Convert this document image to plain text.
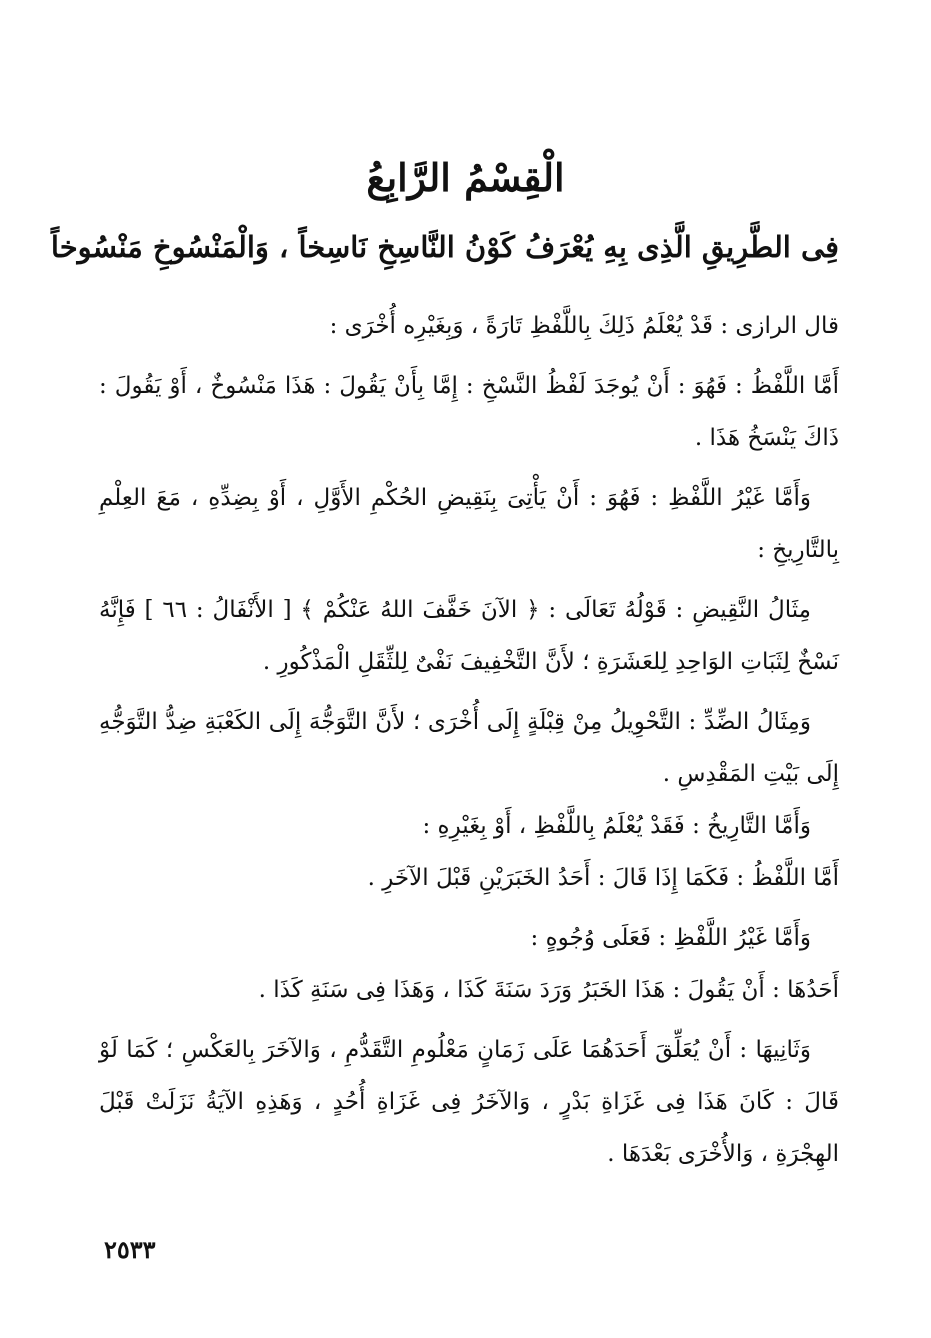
الْقِسْمُ الرَّابِعُ
فِى الطَّرِيقِ الَّذِى بِهِ يُعْرَفُ كَوْنُ النَّاسِخِ نَاسِخاً ، وَالْمَنْسُوخِ مَنْسُوخاً

قال الرازى : قَدْ يُعْلَمُ ذَلِكَ بِاللَّفْظِ تَارَةً ، وَبِغَيْرِه أُخْرَى :

أَمَّا اللَّفْظُ : فَهُوَ : أَنْ يُوجَدَ لَفْظُ النَّسْخِ : إِمَّا بِأَنْ يَقُولَ : هَذَا مَنْسُوخٌ ، أَوْ يَقُولَ : ذَاكَ يَنْسَخُ هَذَا .

وَأَمَّا غَيْرُ اللَّفْظِ : فَهُوَ : أَنْ يَأْتِىَ بِنَقِيضِ الحُكْمِ الأَوَّلِ ، أَوْ بِضِدِّهِ ، مَعَ العِلْمِ بِالتَّارِيخِ :

مِثَالُ النَّقِيضِ : قَوْلُهُ تَعَالَى : ﴿ الآنَ خَفَّفَ اللهُ عَنْكُمْ ﴾ [ الأَنْفَالُ : ٦٦ ] فَإِنَّهُ نَسْخٌ لِثَبَاتِ الوَاحِدِ لِلعَشَرَةِ ؛ لأَنَّ التَّخْفِيفَ نَفْىٌ لِلثِّقَلِ الْمَذْكُورِ .

وَمِثَالُ الضِّدِّ : التَّحْوِيلُ مِنْ قِبْلَةٍ إِلَى أُخْرَى ؛ لأَنَّ التَّوَجُّهَ إِلَى الكَعْبَةِ ضِدُّ التَّوَجُّهِ إِلَى بَيْتِ المَقْدِسِ .

وَأَمَّا التَّارِيخُ : فَقَدْ يُعْلَمُ بِاللَّفْظِ ، أَوْ بِغَيْرِهِ :

أَمَّا اللَّفْظُ : فَكَمَا إِذَا قَالَ : أَحَدُ الخَبَرَيْنِ قَبْلَ الآخَرِ .

وَأَمَّا غَيْرُ اللَّفْظِ : فَعَلَى وُجُوهٍ :

أَحَدُهَا : أَنْ يَقُولَ : هَذَا الخَبَرُ وَرَدَ سَنَةَ كَذَا ، وَهَذَا فِى سَنَةِ كَذَا .

وَثَانِيهَا : أَنْ يُعَلِّقَ أَحَدَهُمَا عَلَى زَمَانٍ مَعْلُومِ التَّقَدُّمِ ، وَالآخَرَ بِالعَكْسِ ؛ كَمَا لَوْ قَالَ : كَانَ هَذَا فِى غَزَاةِ بَدْرٍ ، وَالآخَرُ فِى غَزَاةِ أُحُدٍ ، وَهَذِهِ الآيَةُ نَزَلَتْ قَبْلَ الهِجْرَةِ ، وَالأُخْرَى بَعْدَهَا .

٢٥٣٣
